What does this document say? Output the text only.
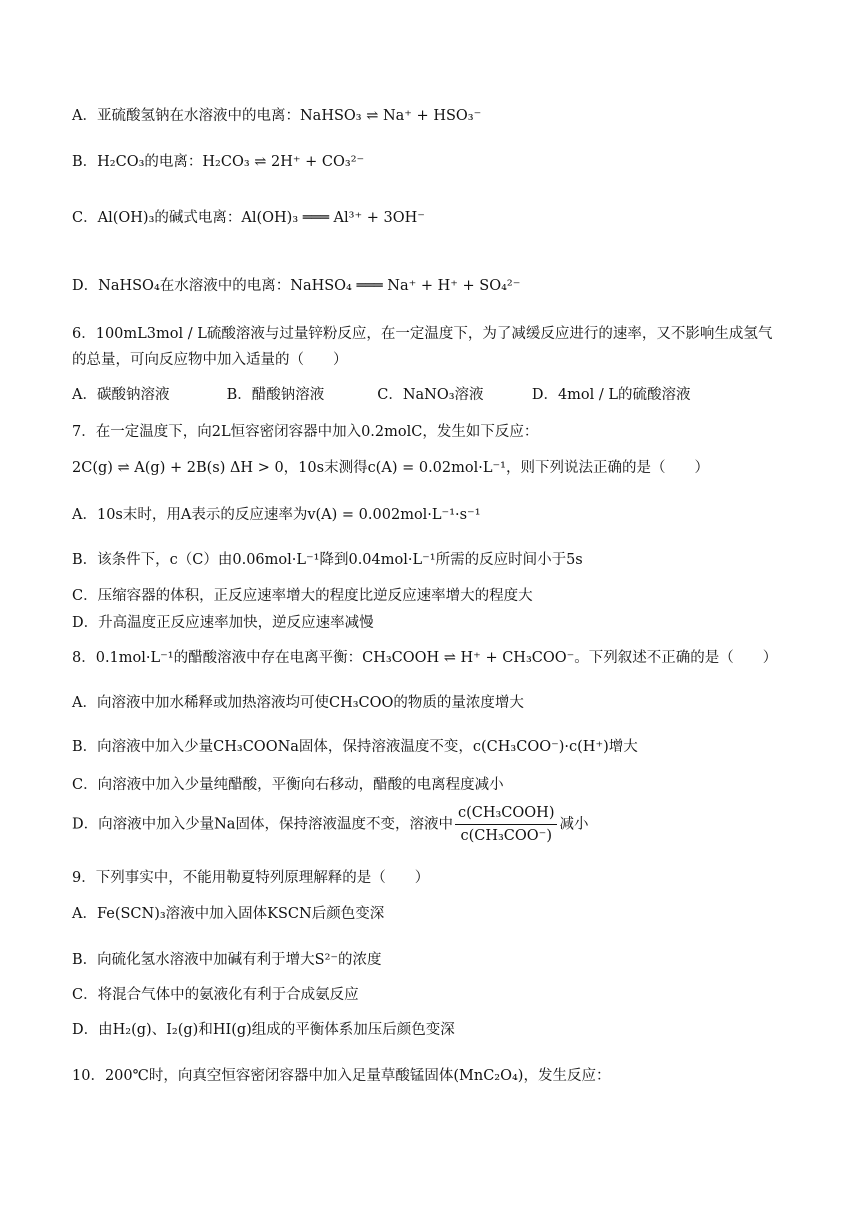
A．亚硫酸氢钠在水溶液中的电离：NaHSO₃ ⇌ Na⁺ + HSO₃⁻
B．H₂CO₃的电离：H₂CO₃ ⇌ 2H⁺ + CO₃²⁻
C．Al(OH)₃的碱式电离：Al(OH)₃ ═══ Al³⁺ + 3OH⁻
D．NaHSO₄在水溶液中的电离：NaHSO₄ ═══ Na⁺ + H⁺ + SO₄²⁻
6．100mL3mol / L硫酸溶液与过量锌粉反应，在一定温度下，为了减缓反应进行的速率，又不影响生成氢气
的总量，可向反应物中加入适量的（　　）
A．碳酸钠溶液	B．醋酸钠溶液	C．NaNO₃溶液	D．4mol / L的硫酸溶液
7．在一定温度下，向2L恒容密闭容器中加入0.2molC，发生如下反应：
2C(g) ⇌ A(g) + 2B(s) ΔH > 0，10s末测得c(A) = 0.02mol·L⁻¹，则下列说法正确的是（　　）
A．10s末时，用A表示的反应速率为v(A) = 0.002mol·L⁻¹·s⁻¹
B．该条件下，c（C）由0.06mol·L⁻¹降到0.04mol·L⁻¹所需的反应时间小于5s
C．压缩容器的体积，正反应速率增大的程度比逆反应速率增大的程度大
D．升高温度正反应速率加快，逆反应速率减慢
8．0.1mol·L⁻¹的醋酸溶液中存在电离平衡：CH₃COOH ⇌ H⁺ + CH₃COO⁻。下列叙述不正确的是（　　）
A．向溶液中加水稀释或加热溶液均可使CH₃COO的物质的量浓度增大
B．向溶液中加入少量CH₃COONa固体，保持溶液温度不变，c(CH₃COO⁻)·c(H⁺)增大
C．向溶液中加入少量纯醋酸，平衡向右移动，醋酸的电离程度减小
D．向溶液中加入少量Na固体，保持溶液温度不变，溶液中 $\frac{\text{c(CH₃COOH)}}{\text{c(CH₃COO⁻)}}$ 减小
9．下列事实中，不能用勒夏特列原理解释的是（　　）
A．Fe(SCN)₃溶液中加入固体KSCN后颜色变深
B．向硫化氢水溶液中加碱有利于增大S²⁻的浓度
C．将混合气体中的氨液化有利于合成氨反应
D．由H₂(g)、I₂(g)和HI(g)组成的平衡体系加压后颜色变深
10．200℃时，向真空恒容密闭容器中加入足量草酸锰固体(MnC₂O₄)，发生反应：
